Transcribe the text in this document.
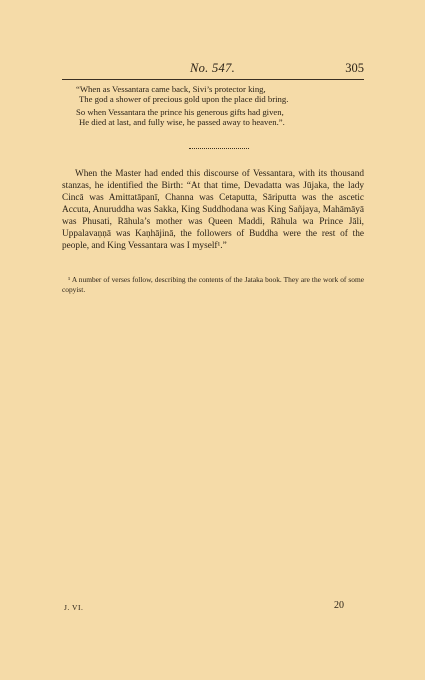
No. 547.	305
“When as Vessantara came back, Sivi’s protector king,
The god a shower of precious gold upon the place did bring.
So when Vessantara the prince his generous gifts had given,
He died at last, and fully wise, he passed away to heaven.”.

When the Master had ended this discourse of Vessantara, with its thousand stanzas, he identified the Birth: “At that time, Devadatta was Jūjaka, the lady Cincā was Amittatāpanī, Channa was Cetaputta, Sāriputta was the ascetic Accuta, Anuruddha was Sakka, King Suddhodana was King Sañjaya, Mahāmāyā was Phusati, Rāhula’s mother was Queen Maddi, Rāhula wa Prince Jāli, Uppalavaṇṇā was Kaṇhājinā, the followers of Buddha were the rest of the people, and King Vessantara was I myself¹.”

¹ A number of verses follow, describing the contents of the Jataka book. They are the work of some copyist.

J. VI.	20
